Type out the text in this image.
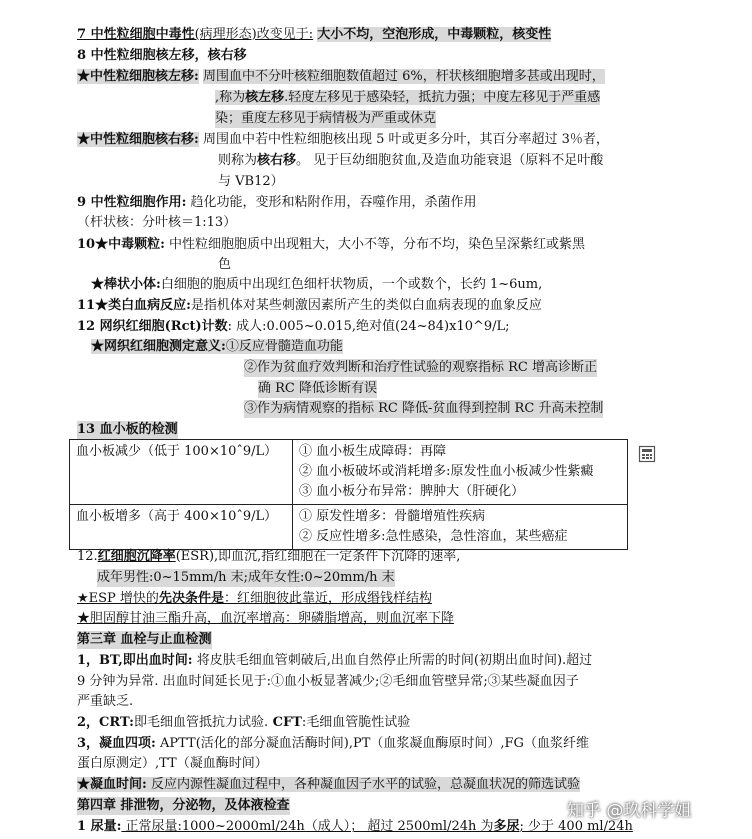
7 中性粒细胞中毒性(病理形态)改变见于: 大小不均，空泡形成，中毒颗粒，核变性
8 中性粒细胞核左移，核右移
★中性粒细胞核左移: 周围血中不分叶核粒细胞数值超过 6%，杆状核细胞增多甚或出现时，
,称为核左移.轻度左移见于感染轻，抵抗力强；中度左移见于严重感
染；重度左移见于病情极为严重或休克
★中性粒细胞核右移: 周围血中若中性粒细胞核出现 5 叶或更多分叶，其百分率超过 3％者，
则称为核右移。 见于巨幼细胞贫血,及造血功能衰退（原料不足叶酸
与 VB12）
9 中性粒细胞作用: 趋化功能，变形和粘附作用，吞噬作用，杀菌作用
（杆状核：分叶核＝1:13）
10★中毒颗粒: 中性粒细胞胞质中出现粗大，大小不等，分布不均，染色呈深紫红或紫黑
色
★棒状小体:白细胞的胞质中出现红色细杆状物质，一个或数个，长约 1~6um,
11★类白血病反应:是指机体对某些刺激因素所产生的类似白血病表现的血象反应
12 网织红细胞(Rct)计数: 成人:0.005~0.015,绝对值(24~84)x10^9/L;
★网织红细胞测定意义:①反应骨髓造血功能
②作为贫血疗效判断和治疗性试验的观察指标 RC 增高诊断正
确 RC 降低诊断有误
③作为病情观察的指标 RC 降低-贫血得到控制 RC 升高未控制
13 血小板的检测
血小板减少（低于 100×10ˆ9/L）	① 血小板生成障碍：再障
② 血小板破坏或消耗增多:原发性血小板减少性紫癜
③ 血小板分布异常：脾肿大（肝硬化）

血小板增多（高于 400×10ˆ9/L）	① 原发性增多：骨髓增殖性疾病
② 反应性增多:急性感染，急性溶血，某些癌症
12.红细胞沉降率(ESR),即血沉,指红细胞在一定条件下沉降的速率,
成年男性:0~15mm/h 末;成年女性:0~20mm/h 末
★ESP 增快的先决条件是：红细胞彼此靠近，形成缗钱样结构
★胆固醇甘油三酯升高，血沉率增高：卵磷脂增高，则血沉率下降
第三章 血栓与止血检测
1，BT,即出血时间: 将皮肤毛细血管刺破后,出血自然停止所需的时间(初期出血时间).超过
9 分钟为异常. 出血时间延长见于:①血小板显著减少;②毛细血管壁异常;③某些凝血因子
严重缺乏.
2，CRT:即毛细血管抵抗力试验. CFT:毛细血管脆性试验
3，凝血四项: APTT(活化的部分凝血活酶时间),PT（血浆凝血酶原时间）,FG（血浆纤维
蛋白原测定）,TT（凝血酶时间）
★凝血时间: 反应内源性凝血过程中，各种凝血因子水平的试验，总凝血状况的筛选试验
第四章 排泄物，分泌物，及体液检查
1 尿量: 正常尿量:1000~2000ml/24h（成人）； 超过 2500ml/24h 为多尿; 少于 400 ml/24h
知乎 @玖科学姐
